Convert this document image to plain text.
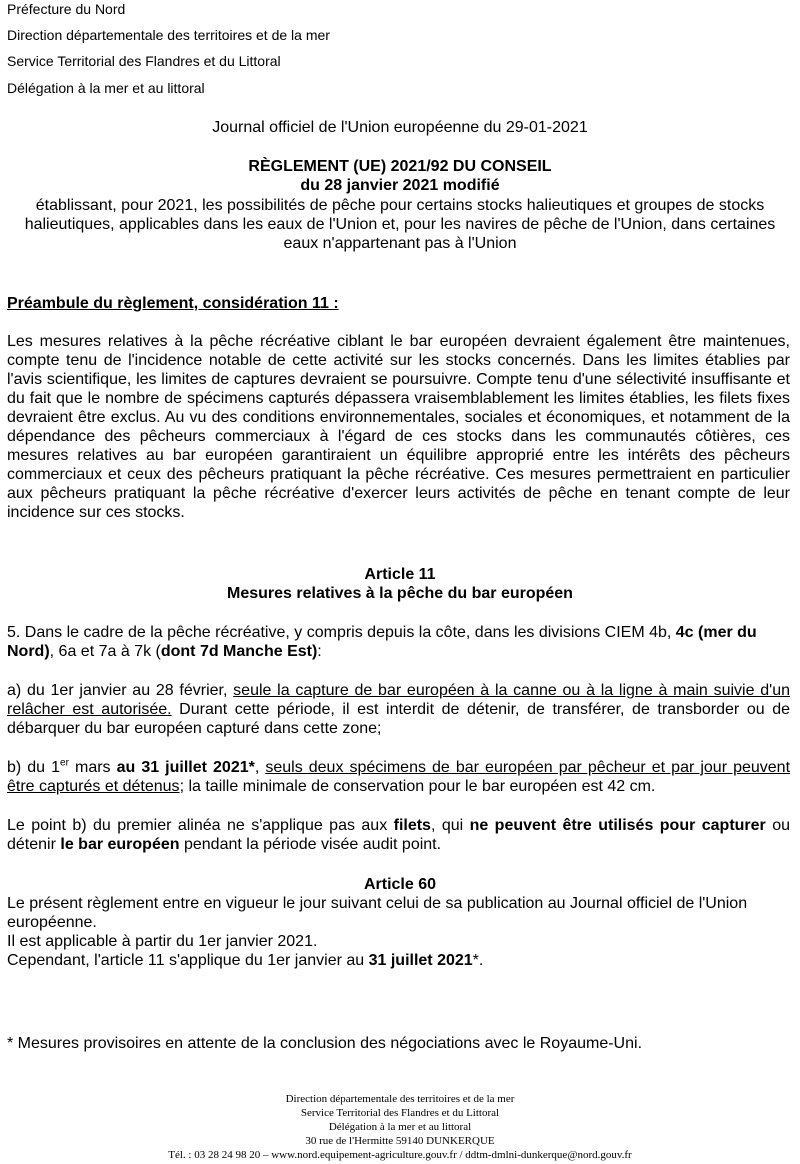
Préfecture du Nord
Direction départementale des territoires et de la mer
Service Territorial des Flandres et du Littoral
Délégation à la mer et au littoral
Journal officiel de l'Union européenne du 29-01-2021
RÈGLEMENT (UE) 2021/92 DU CONSEIL
du 28 janvier 2021 modifié
établissant, pour 2021, les possibilités de pêche pour certains stocks halieutiques et groupes de stocks halieutiques, applicables dans les eaux de l'Union et, pour les navires de pêche de l'Union, dans certaines eaux n'appartenant pas à l'Union
Préambule du règlement, considération 11 :
Les mesures relatives à la pêche récréative ciblant le bar européen devraient également être maintenues, compte tenu de l'incidence notable de cette activité sur les stocks concernés. Dans les limites établies par l'avis scientifique, les limites de captures devraient se poursuivre. Compte tenu d'une sélectivité insuffisante et du fait que le nombre de spécimens capturés dépassera vraisemblablement les limites établies, les filets fixes devraient être exclus. Au vu des conditions environnementales, sociales et économiques, et notamment de la dépendance des pêcheurs commerciaux à l'égard de ces stocks dans les communautés côtières, ces mesures relatives au bar européen garantiraient un équilibre approprié entre les intérêts des pêcheurs commerciaux et ceux des pêcheurs pratiquant la pêche récréative. Ces mesures permettraient en particulier aux pêcheurs pratiquant la pêche récréative d'exercer leurs activités de pêche en tenant compte de leur incidence sur ces stocks.
Article 11
Mesures relatives à la pêche du bar européen
5. Dans le cadre de la pêche récréative, y compris depuis la côte, dans les divisions CIEM 4b, 4c (mer du Nord), 6a et 7a à 7k (dont 7d Manche Est):
a) du 1er janvier au 28 février, seule la capture de bar européen à la canne ou à la ligne à main suivie d'un relâcher est autorisée. Durant cette période, il est interdit de détenir, de transférer, de transborder ou de débarquer du bar européen capturé dans cette zone;
b) du 1er mars au 31 juillet 2021*, seuls deux spécimens de bar européen par pêcheur et par jour peuvent être capturés et détenus; la taille minimale de conservation pour le bar européen est 42 cm.
Le point b) du premier alinéa ne s'applique pas aux filets, qui ne peuvent être utilisés pour capturer ou détenir le bar européen pendant la période visée audit point.
Article 60
Le présent règlement entre en vigueur le jour suivant celui de sa publication au Journal officiel de l'Union européenne.
Il est applicable à partir du 1er janvier 2021.
Cependant, l'article 11 s'applique du 1er janvier au 31 juillet 2021*.
* Mesures provisoires en attente de la conclusion des négociations avec le Royaume-Uni.
Direction départementale des territoires et de la mer
Service Territorial des Flandres et du Littoral
Délégation à la mer et au littoral
30 rue de l'Hermitte 59140 DUNKERQUE
Tél. : 03 28 24 98 20 – www.nord.equipement-agriculture.gouv.fr / ddtm-dmlni-dunkerque@nord.gouv.fr
